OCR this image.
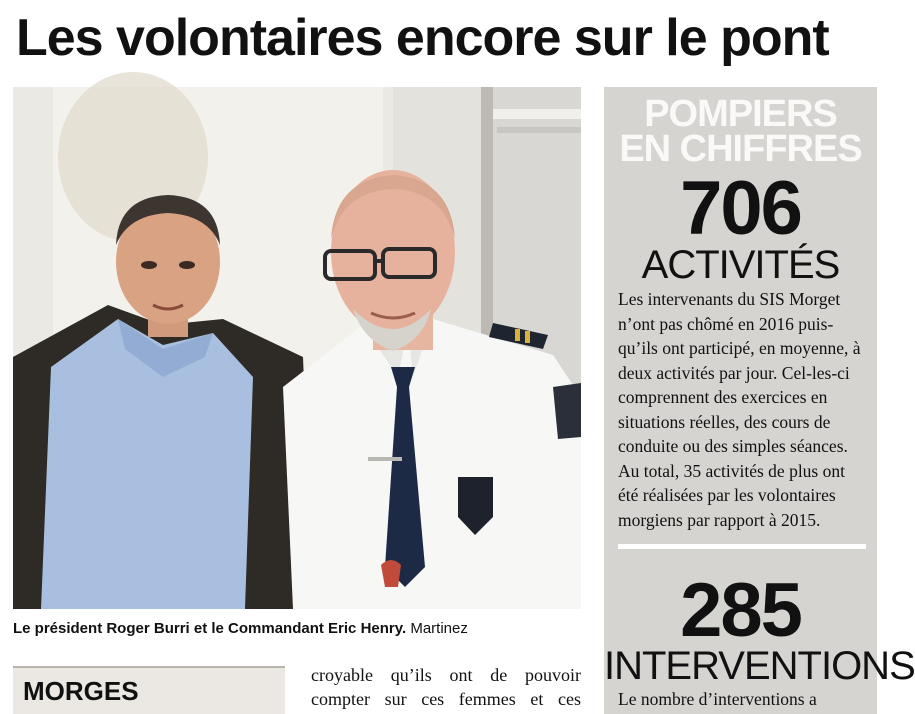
Les volontaires encore sur le pont

Le président Roger Burri et le Commandant Eric Henry. Martinez

MORGES

croyable qu’ils ont de pouvoir compter sur ces femmes et ces

POMPIERS
EN CHIFFRES
706
ACTIVITÉS

Les intervenants du SIS Morget n’ont pas chômé en 2016 puis-qu’ils ont participé, en moyenne, à deux activités par jour. Cel-les-ci comprennent des exercices en situations réelles, des cours de conduite ou des simples séances. Au total, 35 activités de plus ont été réalisées par les volontaires morgiens par rapport à 2015.

285
INTERVENTIONS

Le nombre d’interventions a
